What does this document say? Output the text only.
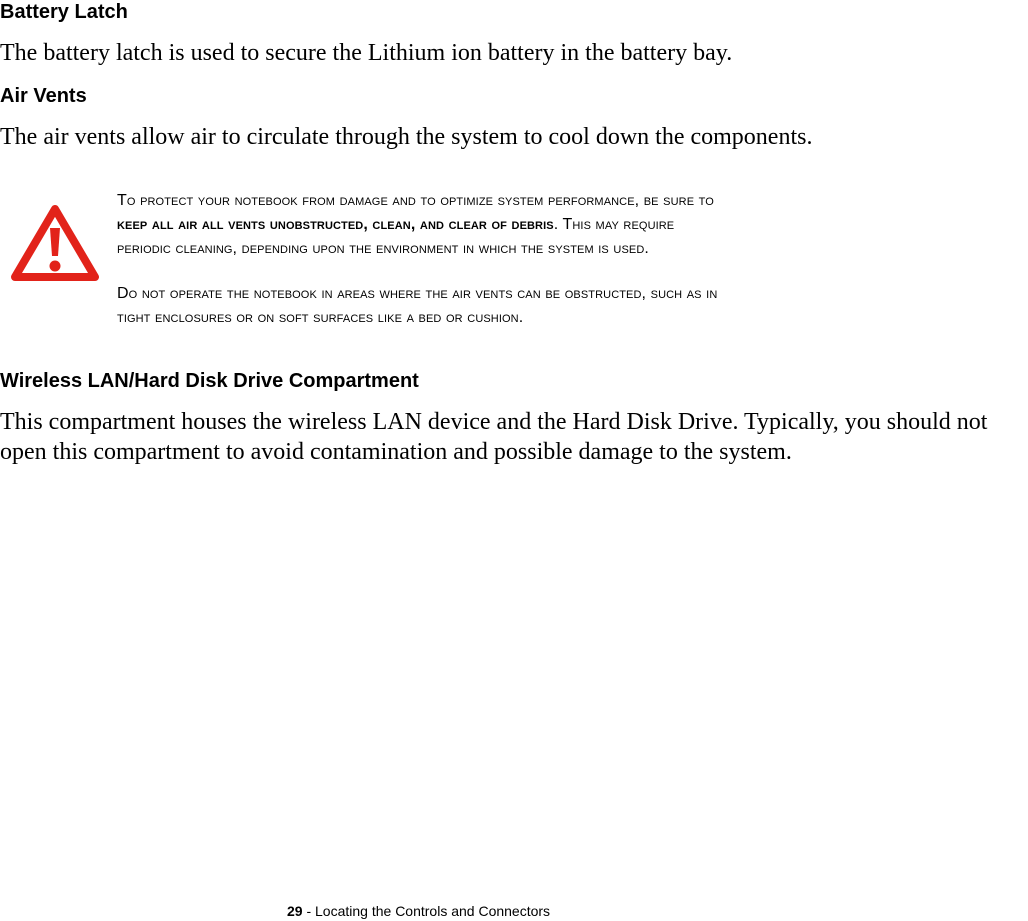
Battery Latch

The battery latch is used to secure the Lithium ion battery in the battery bay.

Air Vents

The air vents allow air to circulate through the system to cool down the components.

To protect your notebook from damage and to optimize system performance, be sure to

keep all air all vents unobstructed, clean, and clear of debris. This may require

periodic cleaning, depending upon the environment in which the system is used.

Do not operate the notebook in areas where the air vents can be obstructed, such as in

tight enclosures or on soft surfaces like a bed or cushion.

Wireless LAN/Hard Disk Drive Compartment

This compartment houses the wireless LAN device and the Hard Disk Drive. Typically, you should not open this compartment to avoid contamination and possible damage to the system.

29 - Locating the Controls and Connectors
